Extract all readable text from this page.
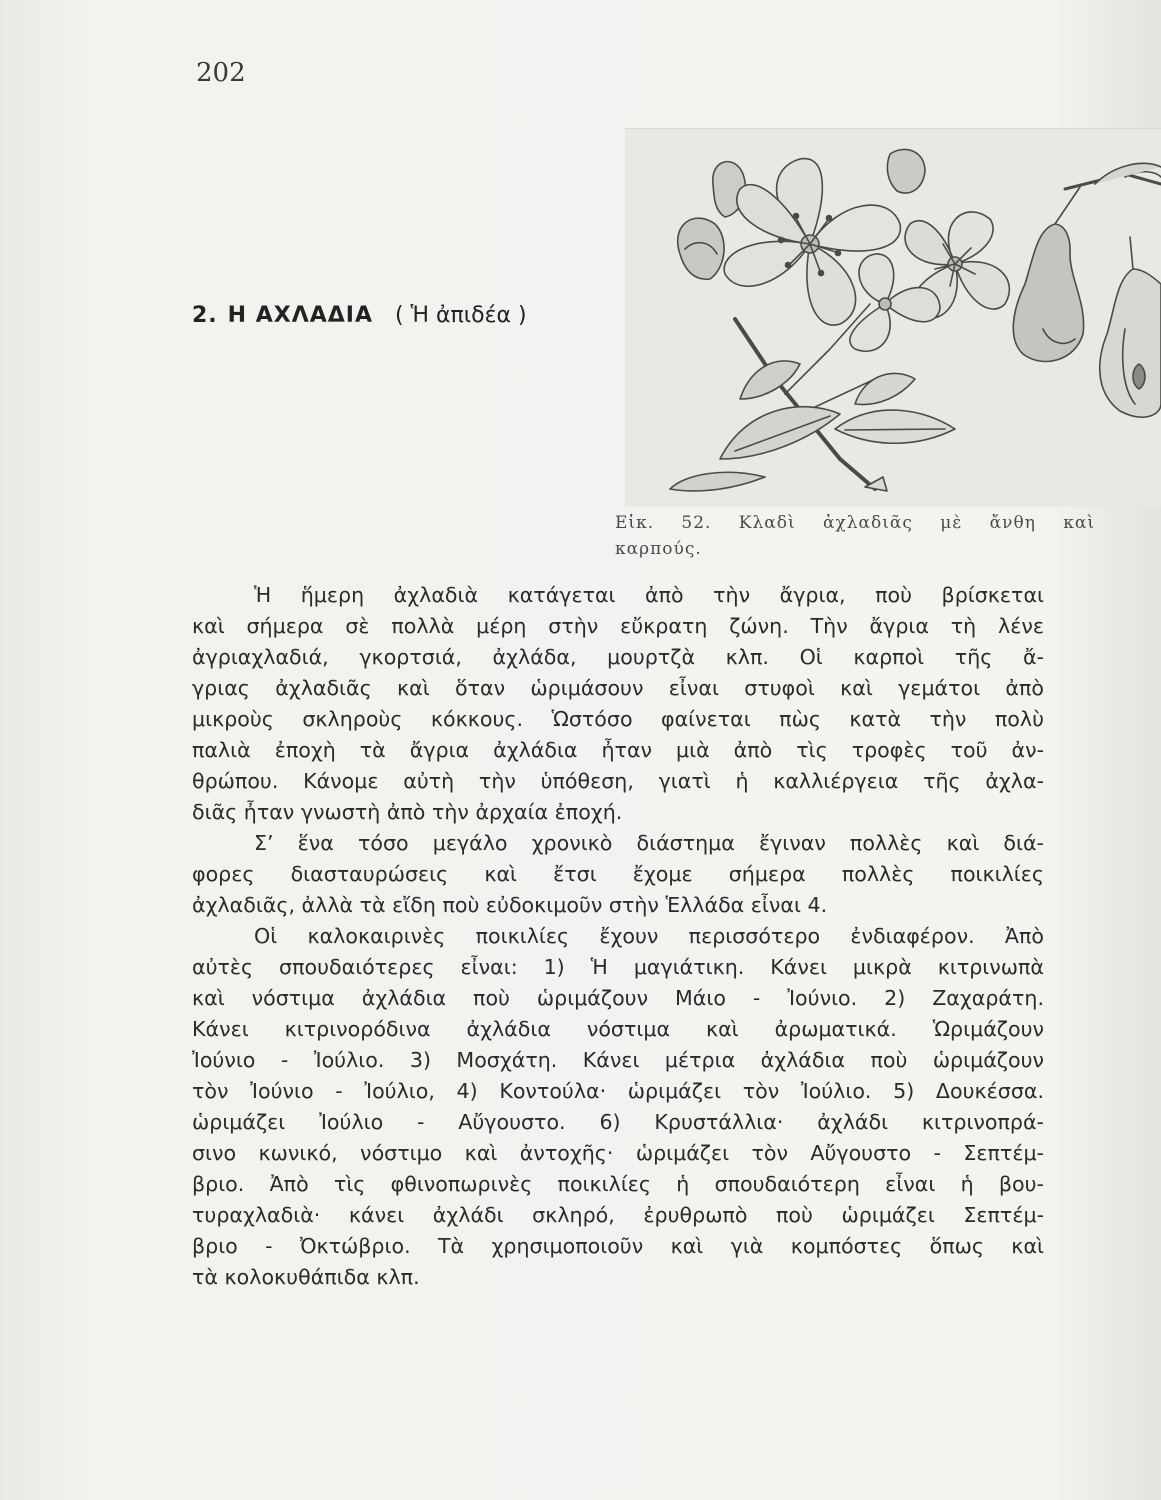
202
2. Η ΑΧΛΑΔΙΑ ( Ἡ ἀπιδέα )
Εἰκ. 52. Κλαδὶ ἀχλαδιᾶς μὲ ἄνθη καὶ
καρπούς.

Ἡ ἥμερη ἀχλαδιὰ κατάγεται ἀπὸ τὴν ἄγρια, ποὺ βρίσκεται
καὶ σήμερα σὲ πολλὰ μέρη στὴν εὔκρατη ζώνη. Τὴν ἄγρια τὴ λένε
ἀγριαχλαδιά, γκορτσιά, ἀχλάδα, μουρτζὰ κλπ. Οἱ καρποὶ τῆς ἄ-
γριας ἀχλαδιᾶς καὶ ὅταν ὡριμάσουν εἶναι στυφοὶ καὶ γεμάτοι ἀπὸ
μικροὺς σκληροὺς κόκκους. Ὡστόσο φαίνεται πὼς κατὰ τὴν πολὺ
παλιὰ ἐποχὴ τὰ ἄγρια ἀχλάδια ἦταν μιὰ ἀπὸ τὶς τροφὲς τοῦ ἀν-
θρώπου. Κάνομε αὐτὴ τὴν ὑπόθεση, γιατὶ ἡ καλλιέργεια τῆς ἀχλα-
διᾶς ἦταν γνωστὴ ἀπὸ τὴν ἀρχαία ἐποχή.

Σ’ ἕνα τόσο μεγάλο χρονικὸ διάστημα ἔγιναν πολλὲς καὶ διά-
φορες διασταυρώσεις καὶ ἔτσι ἔχομε σήμερα πολλὲς ποικιλίες
ἀχλαδιᾶς, ἀλλὰ τὰ εἴδη ποὺ εὐδοκιμοῦν στὴν Ἑλλάδα εἶναι 4.

Οἱ καλοκαιρινὲς ποικιλίες ἔχουν περισσότερο ἐνδιαφέρον. Ἀπὸ
αὐτὲς σπουδαιότερες εἶναι: 1) Ἡ μαγιάτικη. Κάνει μικρὰ κιτρινωπὰ
καὶ νόστιμα ἀχλάδια ποὺ ὡριμάζουν Μάιο - Ἰούνιο. 2) Ζαχαράτη.
Κάνει κιτρινορόδινα ἀχλάδια νόστιμα καὶ ἀρωματικά. Ὡριμάζουν
Ἰούνιο - Ἰούλιο. 3) Μοσχάτη. Κάνει μέτρια ἀχλάδια ποὺ ὡριμάζουν
τὸν Ἰούνιο - Ἰούλιο, 4) Κοντούλα· ὡριμάζει τὸν Ἰούλιο. 5) Δουκέσσα.
ὡριμάζει Ἰούλιο - Αὔγουστο. 6) Κρυστάλλια· ἀχλάδι κιτρινοπρά-
σινο κωνικό, νόστιμο καὶ ἀντοχῆς· ὡριμάζει τὸν Αὔγουστο - Σεπτέμ-
βριο. Ἀπὸ τὶς φθινοπωρινὲς ποικιλίες ἡ σπουδαιότερη εἶναι ἡ βου-
τυραχλαδιὰ· κάνει ἀχλάδι σκληρό, ἐρυθρωπὸ ποὺ ὡριμάζει Σεπτέμ-
βριο - Ὀκτώβριο. Τὰ χρησιμοποιοῦν καὶ γιὰ κομπόστες ὅπως καὶ
τὰ κολοκυθάπιδα κλπ.
